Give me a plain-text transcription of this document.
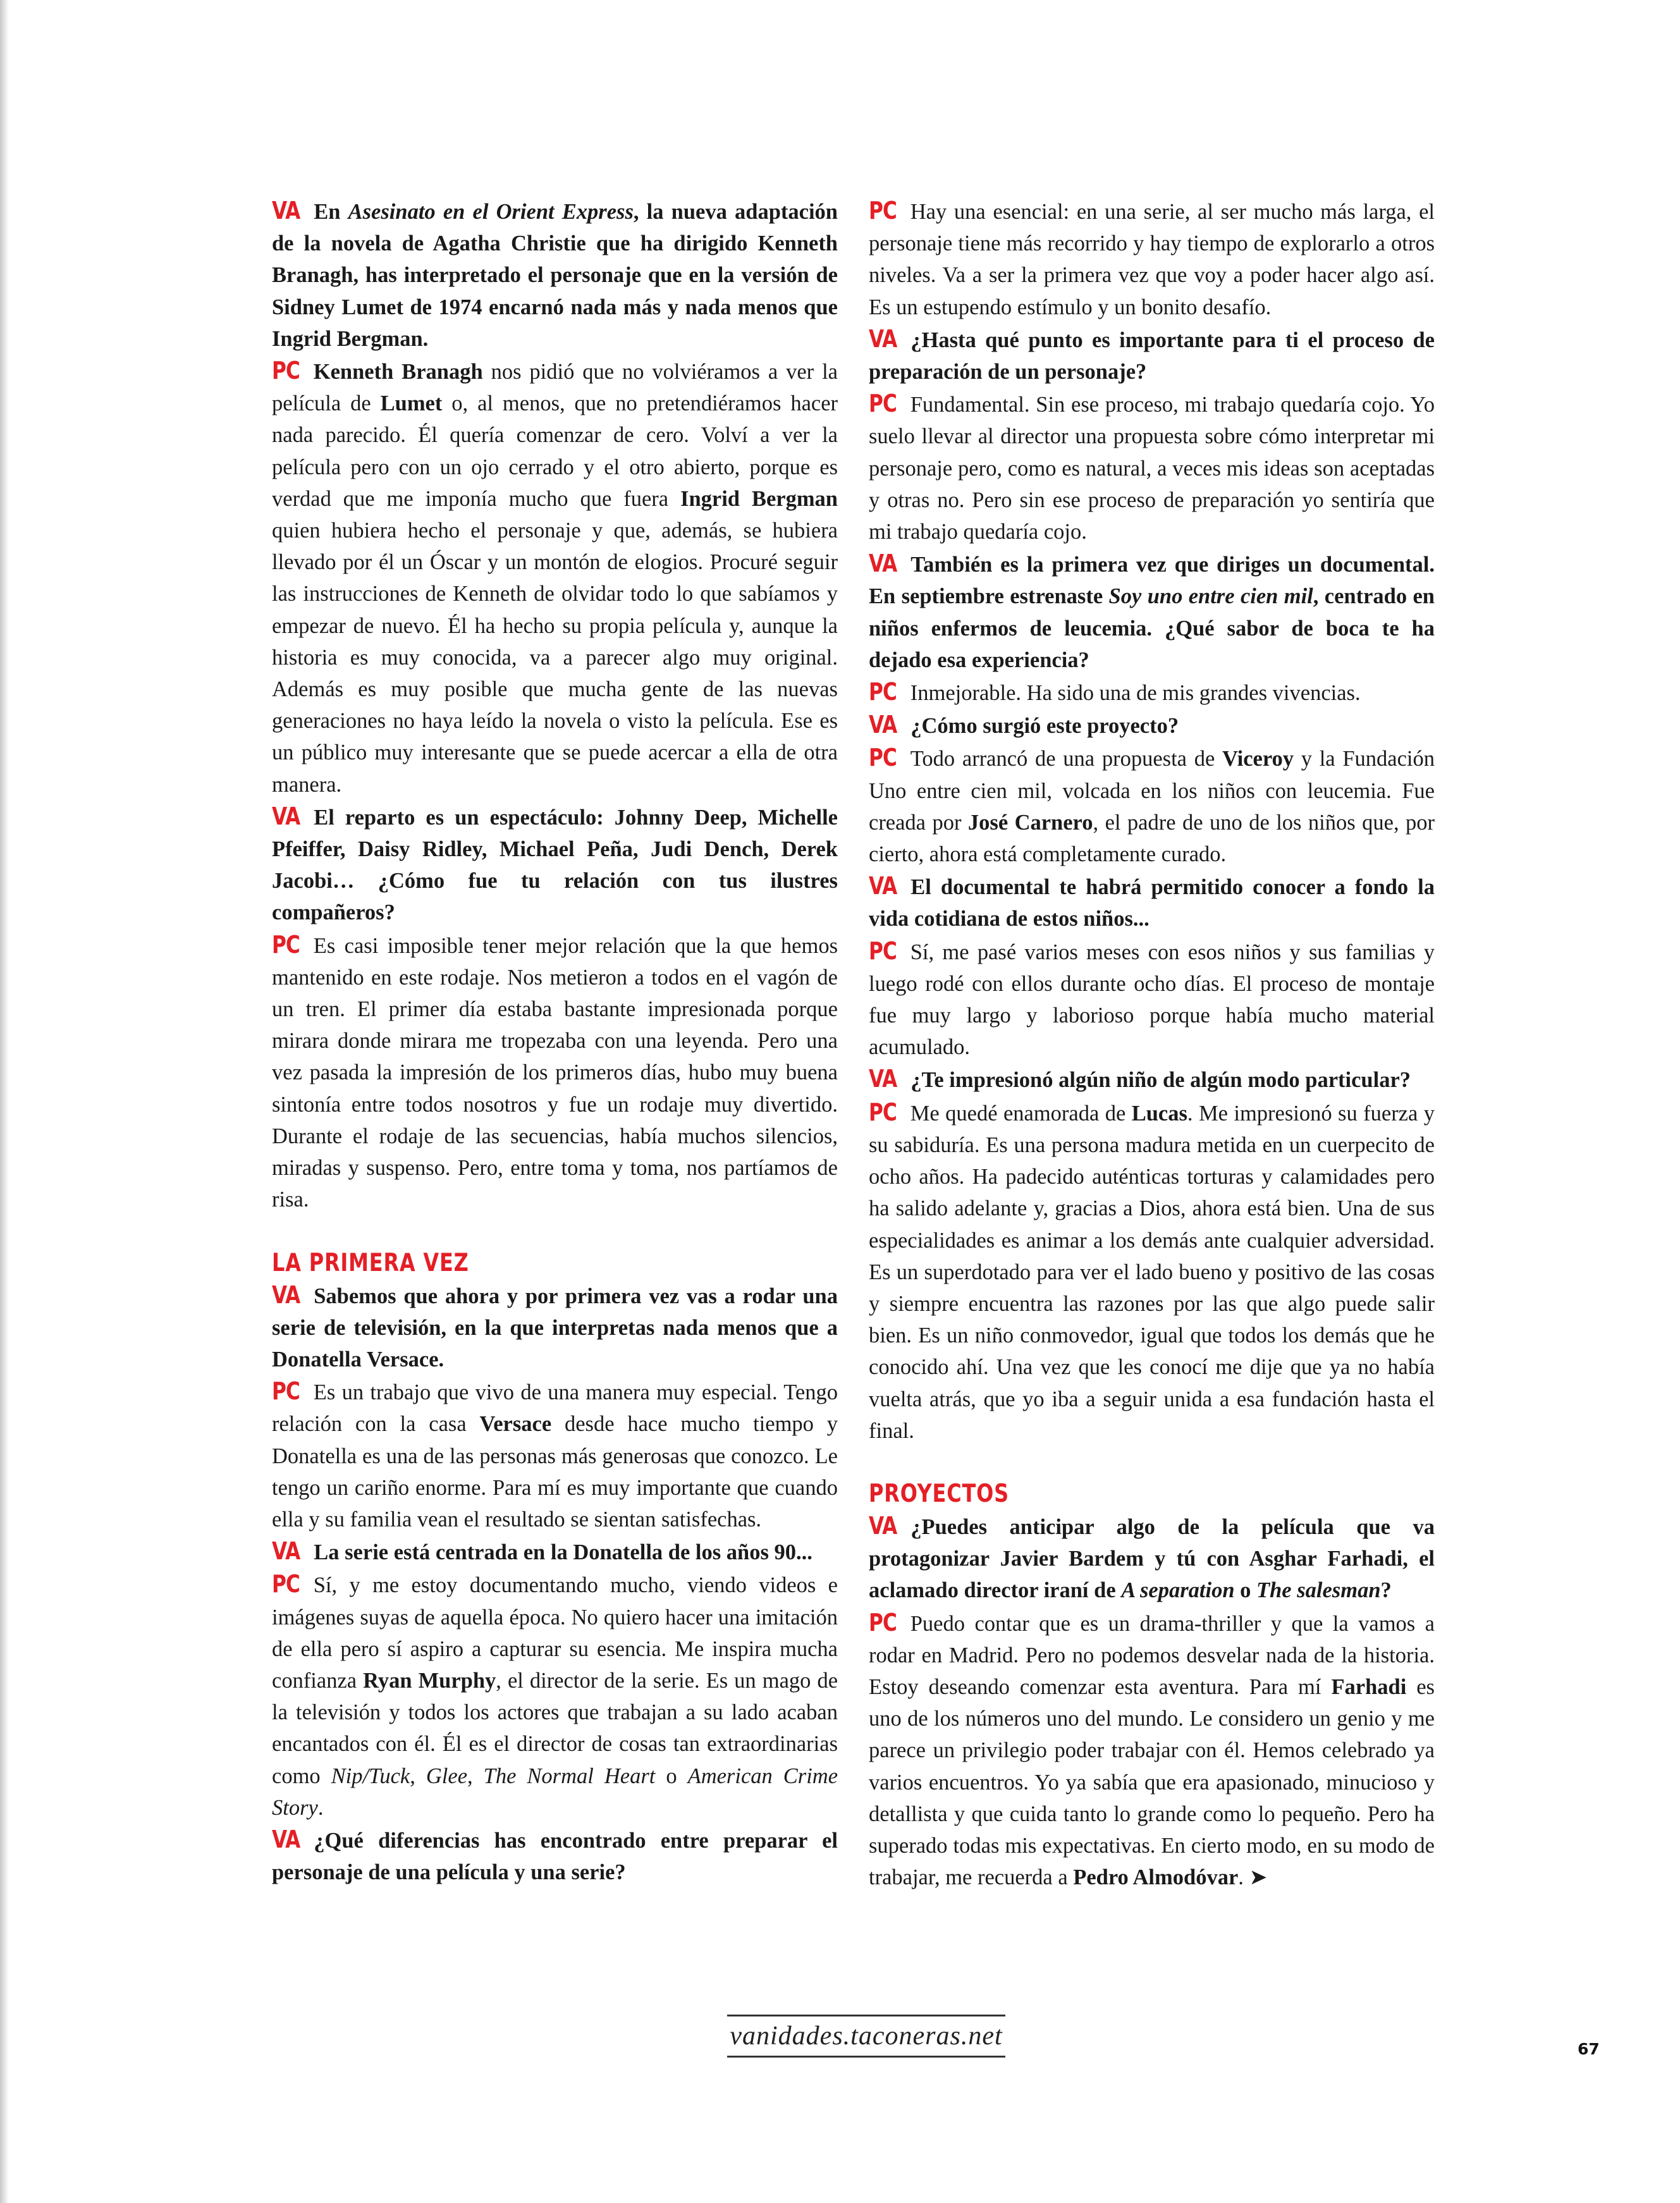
VA En Asesinato en el Orient Express, la nueva adaptación de la novela de Agatha Christie que ha dirigido Kenneth Branagh, has interpretado el personaje que en la versión de Sidney Lumet de 1974 encarnó nada más y nada menos que Ingrid Bergman.

PC Kenneth Branagh nos pidió que no volviéramos a ver la película de Lumet o, al menos, que no pretendiéramos hacer nada parecido. Él quería comenzar de cero. Volví a ver la película pero con un ojo cerrado y el otro abierto, porque es verdad que me imponía mucho que fuera Ingrid Bergman quien hubiera hecho el personaje y que, además, se hubiera llevado por él un Óscar y un montón de elogios. Procuré seguir las instrucciones de Kenneth de olvidar todo lo que sabíamos y empezar de nuevo. Él ha hecho su propia película y, aunque la historia es muy conocida, va a parecer algo muy original. Además es muy posible que mucha gente de las nuevas generaciones no haya leído la novela o visto la película. Ese es un público muy interesante que se puede acercar a ella de otra manera.

VA El reparto es un espectáculo: Johnny Deep, Michelle Pfeiffer, Daisy Ridley, Michael Peña, Judi Dench, Derek Jacobi… ¿Cómo fue tu relación con tus ilustres compañeros?

PC Es casi imposible tener mejor relación que la que hemos mantenido en este rodaje. Nos metieron a todos en el vagón de un tren. El primer día estaba bastante impresionada porque mirara donde mirara me tropezaba con una leyenda. Pero una vez pasada la impresión de los primeros días, hubo muy buena sintonía entre todos nosotros y fue un rodaje muy divertido. Durante el rodaje de las secuencias, había muchos silencios, miradas y suspenso. Pero, entre toma y toma, nos partíamos de risa.

LA PRIMERA VEZ

VA Sabemos que ahora y por primera vez vas a rodar una serie de televisión, en la que interpretas nada menos que a Donatella Versace.

PC Es un trabajo que vivo de una manera muy especial. Tengo relación con la casa Versace desde hace mucho tiempo y Donatella es una de las personas más generosas que conozco. Le tengo un cariño enorme. Para mí es muy importante que cuando ella y su familia vean el resultado se sientan satisfechas.

VA La serie está centrada en la Donatella de los años 90...

PC Sí, y me estoy documentando mucho, viendo videos e imágenes suyas de aquella época. No quiero hacer una imitación de ella pero sí aspiro a capturar su esencia. Me inspira mucha confianza Ryan Murphy, el director de la serie. Es un mago de la televisión y todos los actores que trabajan a su lado acaban encantados con él. Él es el director de cosas tan extraordinarias como Nip/Tuck, Glee, The Normal Heart o American Crime Story.

VA ¿Qué diferencias has encontrado entre preparar el personaje de una película y una serie?

PC Hay una esencial: en una serie, al ser mucho más larga, el personaje tiene más recorrido y hay tiempo de explorarlo a otros niveles. Va a ser la primera vez que voy a poder hacer algo así. Es un estupendo estímulo y un bonito desafío.

VA ¿Hasta qué punto es importante para ti el proceso de preparación de un personaje?

PC Fundamental. Sin ese proceso, mi trabajo quedaría cojo. Yo suelo llevar al director una propuesta sobre cómo interpretar mi personaje pero, como es natural, a veces mis ideas son aceptadas y otras no. Pero sin ese proceso de preparación yo sentiría que mi trabajo quedaría cojo.

VA También es la primera vez que diriges un documental. En septiembre estrenaste Soy uno entre cien mil, centrado en niños enfermos de leucemia. ¿Qué sabor de boca te ha dejado esa experiencia?

PC Inmejorable. Ha sido una de mis grandes vivencias.

VA ¿Cómo surgió este proyecto?

PC Todo arrancó de una propuesta de Viceroy y la Fundación Uno entre cien mil, volcada en los niños con leucemia. Fue creada por José Carnero, el padre de uno de los niños que, por cierto, ahora está completamente curado.

VA El documental te habrá permitido conocer a fondo la vida cotidiana de estos niños...

PC Sí, me pasé varios meses con esos niños y sus familias y luego rodé con ellos durante ocho días. El proceso de montaje fue muy largo y laborioso porque había mucho material acumulado.

VA ¿Te impresionó algún niño de algún modo particular?

PC Me quedé enamorada de Lucas. Me impresionó su fuerza y su sabiduría. Es una persona madura metida en un cuerpecito de ocho años. Ha padecido auténticas torturas y calamidades pero ha salido adelante y, gracias a Dios, ahora está bien. Una de sus especialidades es animar a los demás ante cualquier adversidad. Es un superdotado para ver el lado bueno y positivo de las cosas y siempre encuentra las razones por las que algo puede salir bien. Es un niño conmovedor, igual que todos los demás que he conocido ahí. Una vez que les conocí me dije que ya no había vuelta atrás, que yo iba a seguir unida a esa fundación hasta el final.

PROYECTOS

VA ¿Puedes anticipar algo de la película que va protagonizar Javier Bardem y tú con Asghar Farhadi, el aclamado director iraní de A separation o The salesman?

PC Puedo contar que es un drama-thriller y que la vamos a rodar en Madrid. Pero no podemos desvelar nada de la historia. Estoy deseando comenzar esta aventura. Para mí Farhadi es uno de los números uno del mundo. Le considero un genio y me parece un privilegio poder trabajar con él. Hemos celebrado ya varios encuentros. Yo ya sabía que era apasionado, minucioso y detallista y que cuida tanto lo grande como lo pequeño. Pero ha superado todas mis expectativas. En cierto modo, en su modo de trabajar, me recuerda a Pedro Almodóvar. ➤

vanidades.taconeras.net	67
